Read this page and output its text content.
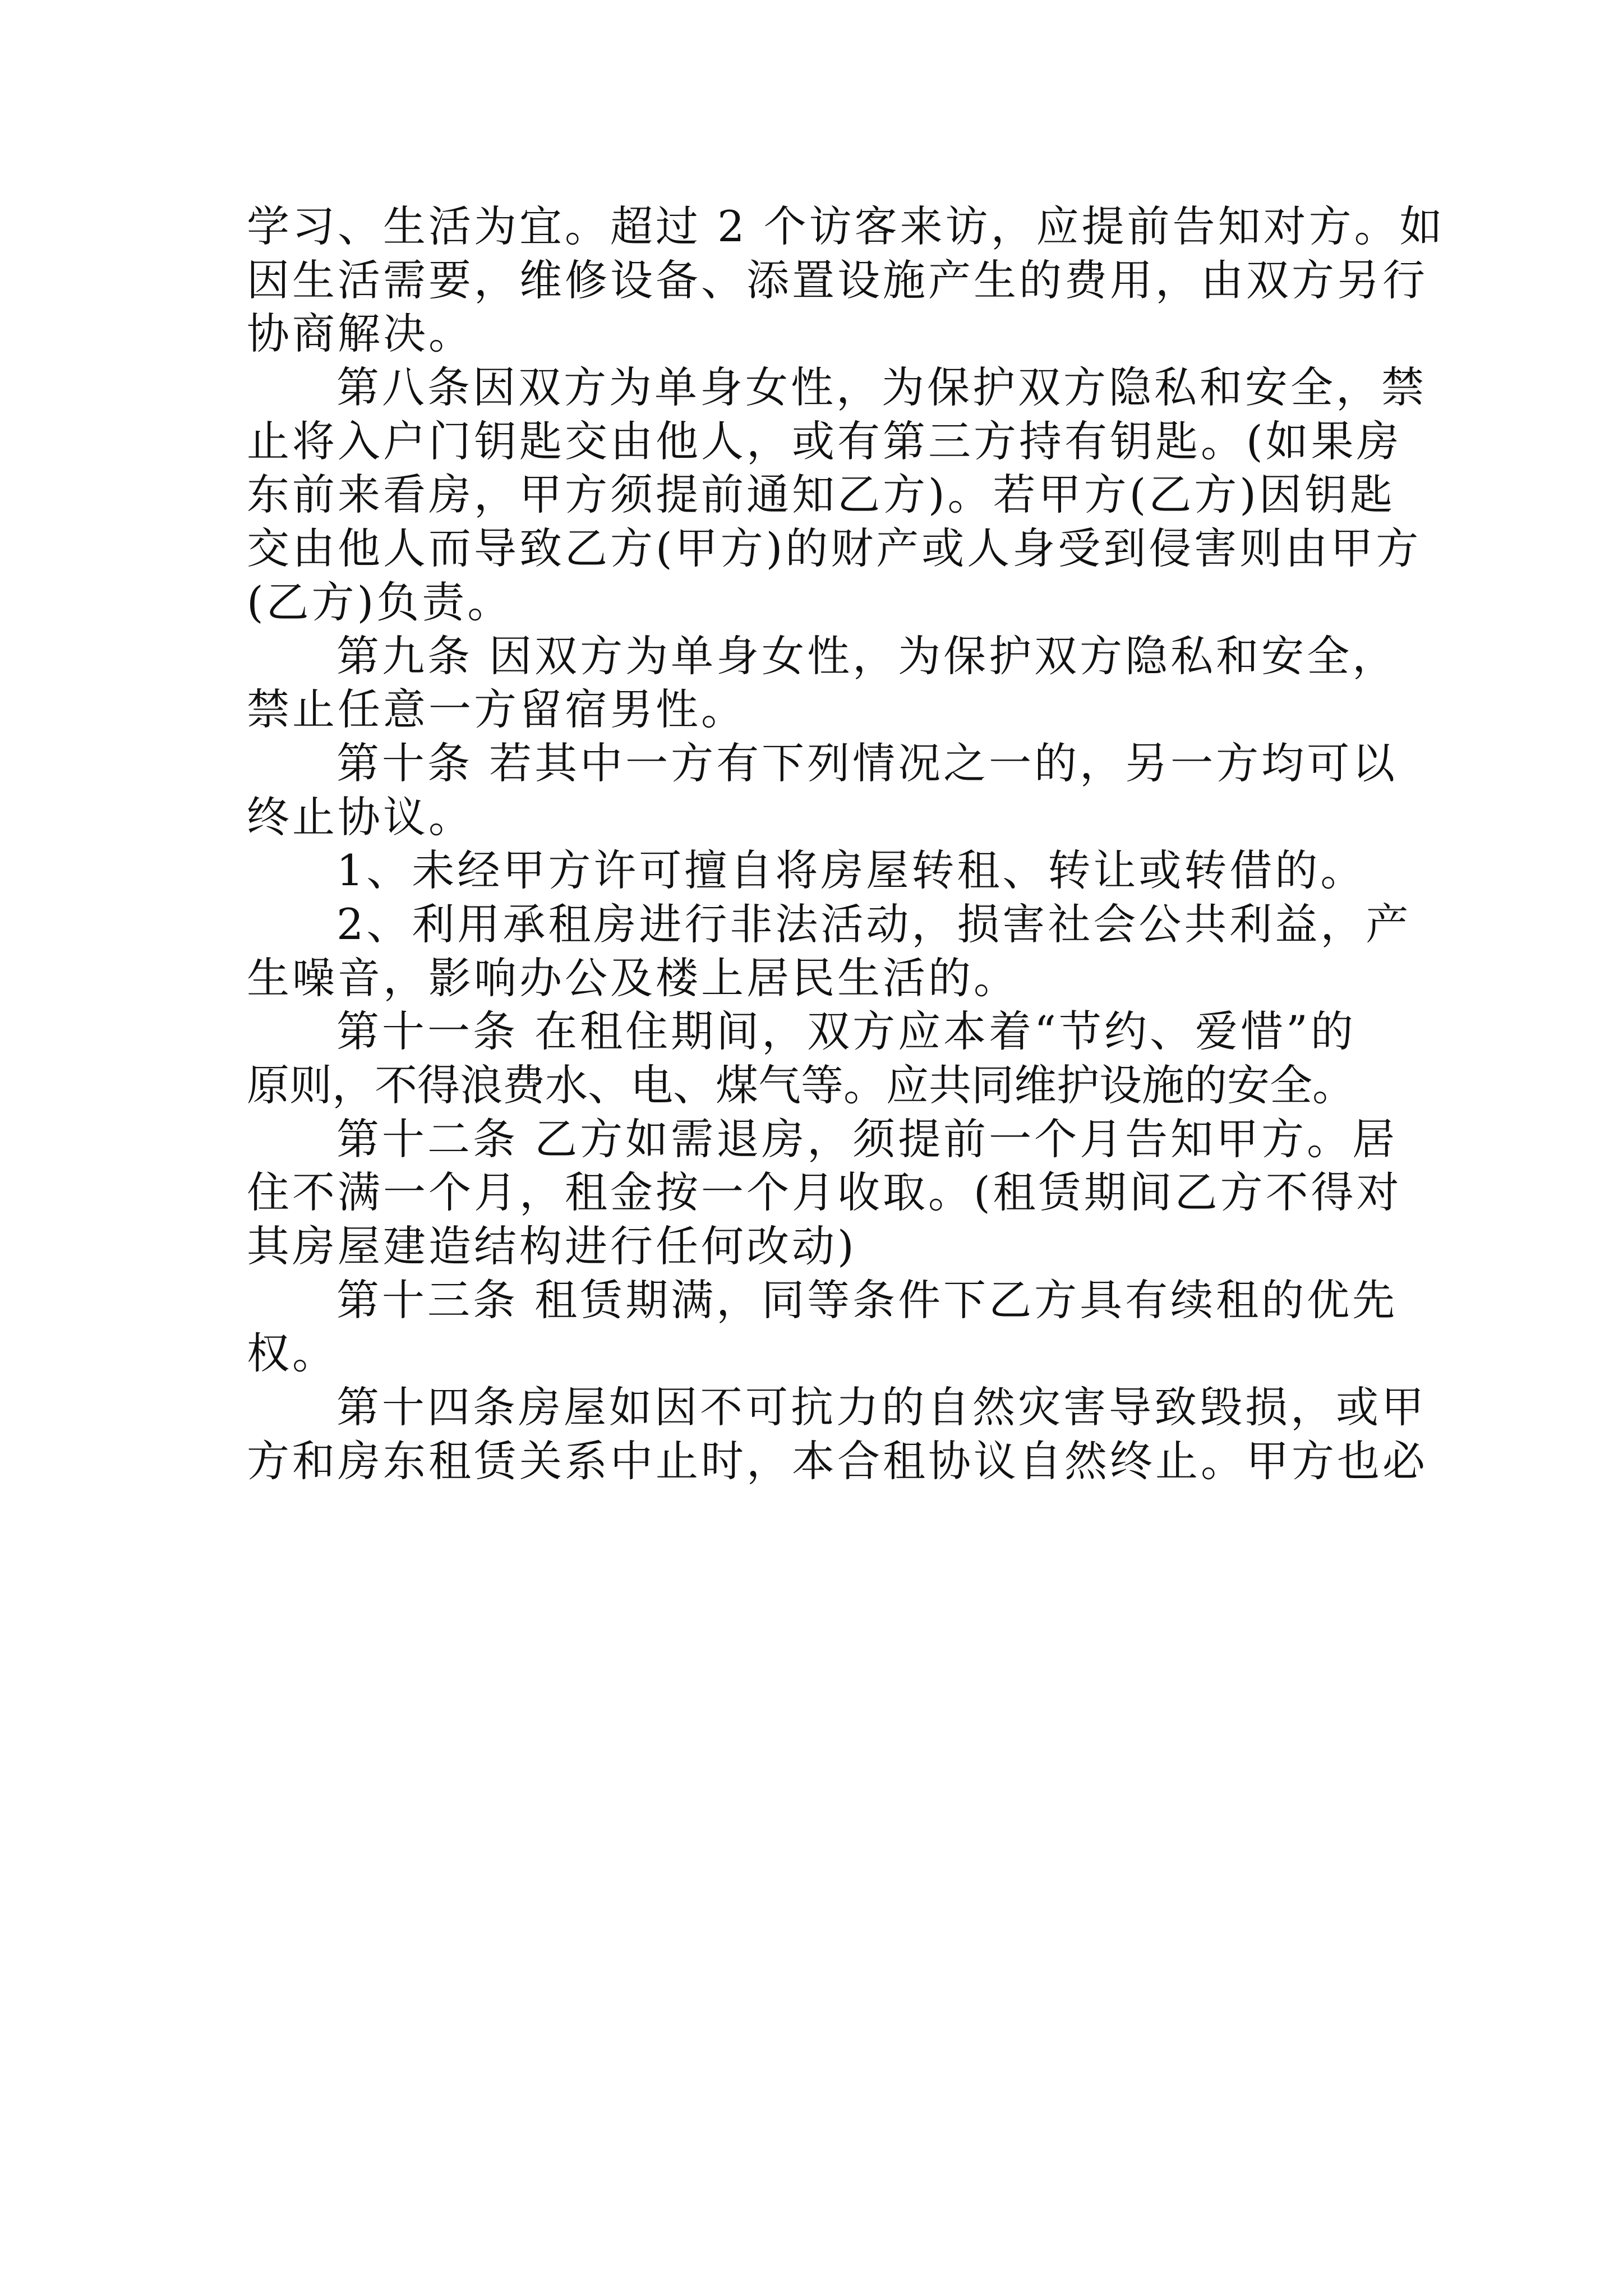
学习、生活为宜。超过 2 个访客来访，应提前告知对方。如
因生活需要，维修设备、添置设施产生的费用，由双方另行
协商解决。
第八条因双方为单身女性，为保护双方隐私和安全，禁
止将入户门钥匙交由他人，或有第三方持有钥匙。(如果房
东前来看房，甲方须提前通知乙方)。若甲方(乙方)因钥匙
交由他人而导致乙方(甲方)的财产或人身受到侵害则由甲方
(乙方)负责。
第九条 因双方为单身女性，为保护双方隐私和安全，
禁止任意一方留宿男性。
第十条 若其中一方有下列情况之一的，另一方均可以
终止协议。
1、未经甲方许可擅自将房屋转租、转让或转借的。
2、利用承租房进行非法活动，损害社会公共利益，产
生噪音，影响办公及楼上居民生活的。
第十一条 在租住期间，双方应本着“节约、爱惜”的
原则，不得浪费水、电、煤气等。应共同维护设施的安全。
第十二条 乙方如需退房，须提前一个月告知甲方。居
住不满一个月，租金按一个月收取。(租赁期间乙方不得对
其房屋建造结构进行任何改动)
第十三条 租赁期满，同等条件下乙方具有续租的优先
权。
第十四条房屋如因不可抗力的自然灾害导致毁损，或甲
方和房东租赁关系中止时，本合租协议自然终止。甲方也必
